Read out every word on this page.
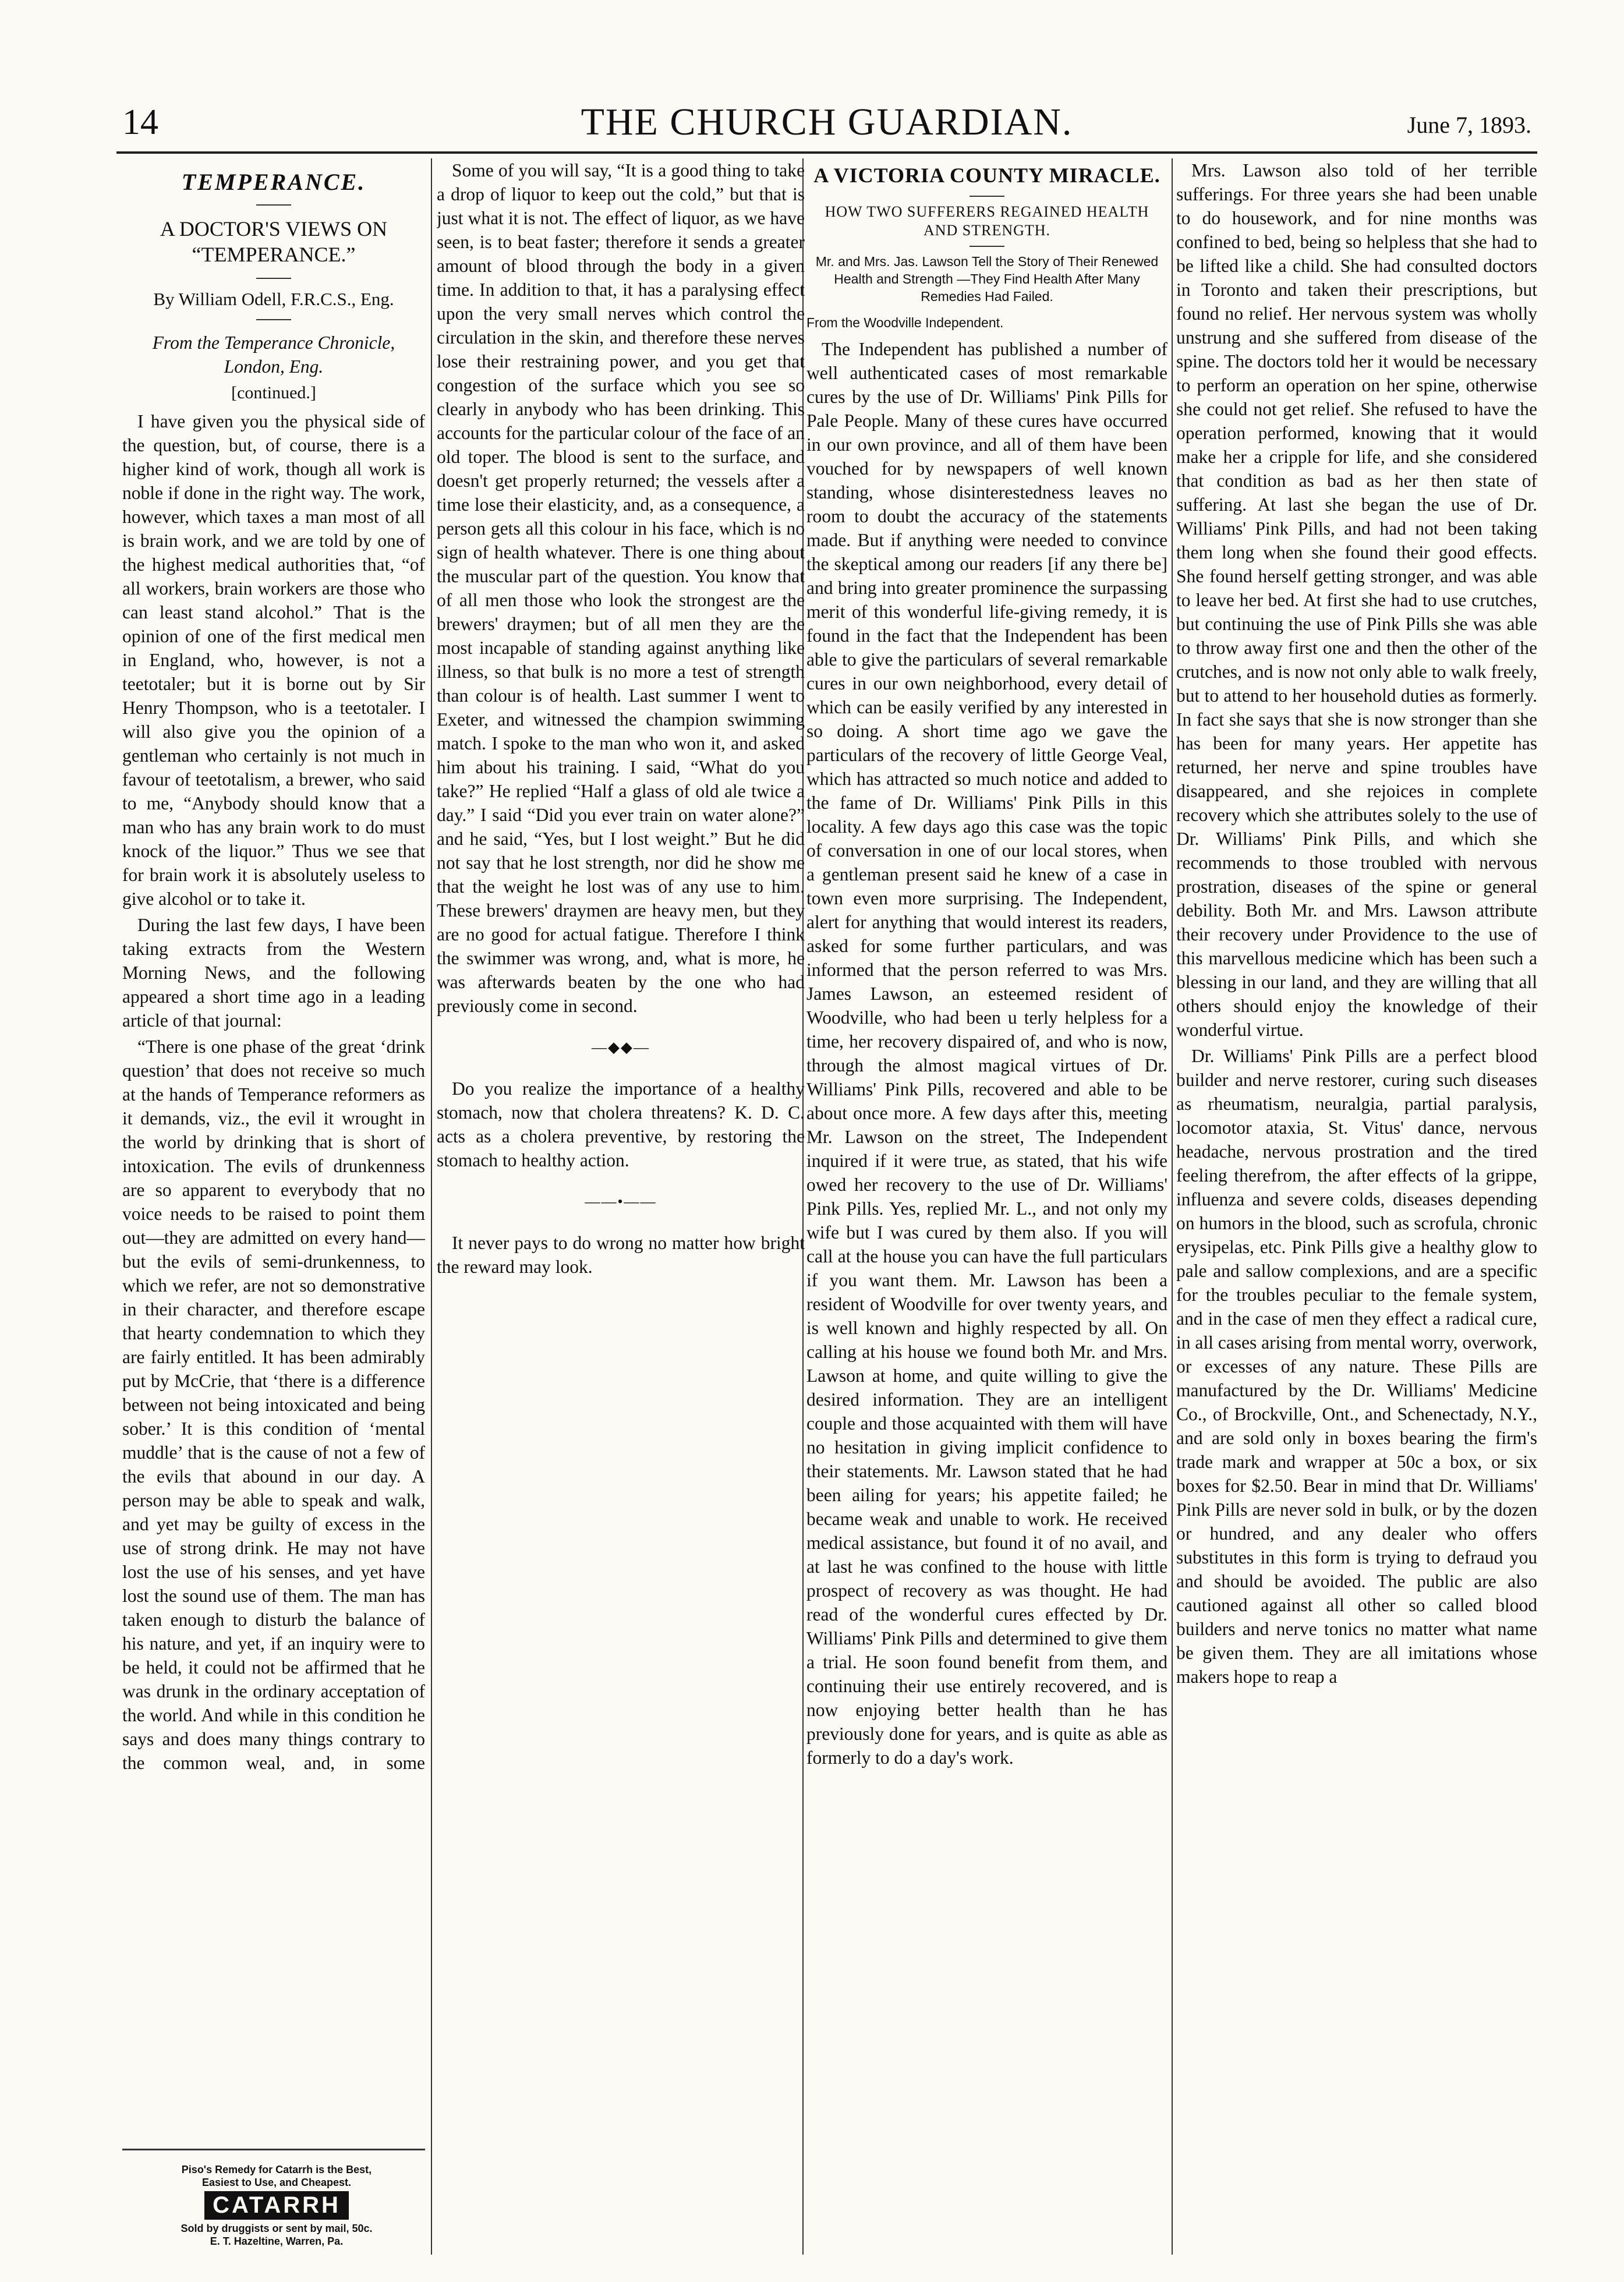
14	THE CHURCH GUARDIAN.	June 7, 1893.
TEMPERANCE.
A DOCTOR'S VIEWS ON “TEMPERANCE.”
By William Odell, F.R.C.S., Eng.
From the Temperance Chronicle, London, Eng.
[continued.]

I have given you the physical side of the question, but, of course, there is a higher kind of work, though all work is noble if done in the right way. The work, however, which taxes a man most of all is brain work, and we are told by one of the highest medical authorities that, “of all workers, brain workers are those who can least stand alcohol.” That is the opinion of one of the first medical men in England, who, however, is not a teetotaler; but it is borne out by Sir Henry Thompson, who is a teetotaler. I will also give you the opinion of a gentleman who certainly is not much in favour of teetotalism, a brewer, who said to me, “Anybody should know that a man who has any brain work to do must knock of the liquor.” Thus we see that for brain work it is absolutely useless to give alcohol or to take it.

During the last few days, I have been taking extracts from the Western Morning News, and the following appeared a short time ago in a leading article of that journal:

“There is one phase of the great ‘drink question’ that does not receive so much at the hands of Temperance reformers as it demands, viz., the evil it wrought in the world by drinking that is short of intoxication. The evils of drunkenness are so apparent to everybody that no voice needs to be raised to point them out—they are admitted on every hand—but the evils of semi-drunkenness, to which we refer, are not so demonstrative in their character, and therefore escape that hearty condemnation to which they are fairly entitled. It has been admirably put by McCrie, that ‘there is a difference between not being intoxicated and being sober.’ It is this condition of ‘mental muddle’ that is the cause of not a few of the evils that abound in our day. A person may be able to speak and walk, and yet may be guilty of excess in the use of strong drink. He may not have lost the use of his senses, and yet have lost the sound use of them. The man has taken enough to disturb the balance of his nature, and yet, if an inquiry were to be held, it could not be affirmed that he was drunk in the ordinary acceptation of the world. And while in this condition he says and does many things contrary to the common weal, and, in some

Piso's Remedy for Catarrh is the Best, Easiest to Use, and Cheapest.
CATARRH
Sold by druggists or sent by mail, 50c. E. T. Hazeltine, Warren, Pa.

Some of you will say, “It is a good thing to take a drop of liquor to keep out the cold,” but that is just what it is not. The effect of liquor, as we have seen, is to beat faster; therefore it sends a greater amount of blood through the body in a given time. In addition to that, it has a paralysing effect upon the very small nerves which control the circulation in the skin, and therefore these nerves lose their restraining power, and you get that congestion of the surface which you see so clearly in anybody who has been drinking. This accounts for the particular colour of the face of an old toper. The blood is sent to the surface, and doesn't get properly returned; the vessels after a time lose their elasticity, and, as a consequence, a person gets all this colour in his face, which is no sign of health whatever. There is one thing about the muscular part of the question. You know that of all men those who look the strongest are the brewers' draymen; but of all men they are the most incapable of standing against anything like illness, so that bulk is no more a test of strength than colour is of health. Last summer I went to Exeter, and witnessed the champion swimming match. I spoke to the man who won it, and asked him about his training. I said, “What do you take?” He replied “Half a glass of old ale twice a day.” I said “Did you ever train on water alone?” and he said, “Yes, but I lost weight.” But he did not say that he lost strength, nor did he show me that the weight he lost was of any use to him. These brewers' draymen are heavy men, but they are no good for actual fatigue. Therefore I think the swimmer was wrong, and, what is more, he was afterwards beaten by the one who had previously come in second.

—◆◆—

Do you realize the importance of a healthy stomach, now that cholera threatens? K. D. C. acts as a cholera preventive, by restoring the stomach to healthy action.

——•——

It never pays to do wrong no matter how bright the reward may look.

A VICTORIA COUNTY MIRACLE.
HOW TWO SUFFERERS REGAINED HEALTH AND STRENGTH.
Mr. and Mrs. Jas. Lawson Tell the Story of Their Renewed Health and Strength —They Find Health After Many Remedies Had Failed.

From the Woodville Independent.

The Independent has published a number of well authenticated cases of most remarkable cures by the use of Dr. Williams' Pink Pills for Pale People. Many of these cures have occurred in our own province, and all of them have been vouched for by newspapers of well known standing, whose disinterestedness leaves no room to doubt the accuracy of the statements made. But if anything were needed to convince the skeptical among our readers [if any there be] and bring into greater prominence the surpassing merit of this wonderful life-giving remedy, it is found in the fact that the Independent has been able to give the particulars of several remarkable cures in our own neighborhood, every detail of which can be easily verified by any interested in so doing. A short time ago we gave the particulars of the recovery of little George Veal, which has attracted so much notice and added to the fame of Dr. Williams' Pink Pills in this locality. A few days ago this case was the topic of conversation in one of our local stores, when a gentleman present said he knew of a case in town even more surprising. The Independent, alert for anything that would interest its readers, asked for some further particulars, and was informed that the person referred to was Mrs. James Lawson, an esteemed resident of Woodville, who had been u terly helpless for a time, her recovery dispaired of, and who is now, through the almost magical virtues of Dr. Williams' Pink Pills, recovered and able to be about once more. A few days after this, meeting Mr. Lawson on the street, The Independent inquired if it were true, as stated, that his wife owed her recovery to the use of Dr. Williams' Pink Pills. Yes, replied Mr. L., and not only my wife but I was cured by them also. If you will call at the house you can have the full particulars if you want them. Mr. Lawson has been a resident of Woodville for over twenty years, and is well known and highly respected by all. On calling at his house we found both Mr. and Mrs. Lawson at home, and quite willing to give the desired information. They are an intelligent couple and those acquainted with them will have no hesitation in giving implicit confidence to their statements. Mr. Lawson stated that he had been ailing for years; his appetite failed; he became weak and unable to work. He received medical assistance, but found it of no avail, and at last he was confined to the house with little prospect of recovery as was thought. He had read of the wonderful cures effected by Dr. Williams' Pink Pills and determined to give them a trial. He soon found benefit from them, and continuing their use entirely recovered, and is now enjoying better health than he has previously done for years, and is quite as able as formerly to do a day's work.

Mrs. Lawson also told of her terrible sufferings. For three years she had been unable to do housework, and for nine months was confined to bed, being so helpless that she had to be lifted like a child. She had consulted doctors in Toronto and taken their prescriptions, but found no relief. Her nervous system was wholly unstrung and she suffered from disease of the spine. The doctors told her it would be necessary to perform an operation on her spine, otherwise she could not get relief. She refused to have the operation performed, knowing that it would make her a cripple for life, and she considered that condition as bad as her then state of suffering. At last she began the use of Dr. Williams' Pink Pills, and had not been taking them long when she found their good effects. She found herself getting stronger, and was able to leave her bed. At first she had to use crutches, but continuing the use of Pink Pills she was able to throw away first one and then the other of the crutches, and is now not only able to walk freely, but to attend to her household duties as formerly. In fact she says that she is now stronger than she has been for many years. Her appetite has returned, her nerve and spine troubles have disappeared, and she rejoices in complete recovery which she attributes solely to the use of Dr. Williams' Pink Pills, and which she recommends to those troubled with nervous prostration, diseases of the spine or general debility. Both Mr. and Mrs. Lawson attribute their recovery under Providence to the use of this marvellous medicine which has been such a blessing in our land, and they are willing that all others should enjoy the knowledge of their wonderful virtue.

Dr. Williams' Pink Pills are a perfect blood builder and nerve restorer, curing such diseases as rheumatism, neuralgia, partial paralysis, locomotor ataxia, St. Vitus' dance, nervous headache, nervous prostration and the tired feeling therefrom, the after effects of la grippe, influenza and severe colds, diseases depending on humors in the blood, such as scrofula, chronic erysipelas, etc. Pink Pills give a healthy glow to pale and sallow complexions, and are a specific for the troubles peculiar to the female system, and in the case of men they effect a radical cure, in all cases arising from mental worry, overwork, or excesses of any nature. These Pills are manufactured by the Dr. Williams' Medicine Co., of Brockville, Ont., and Schenectady, N.Y., and are sold only in boxes bearing the firm's trade mark and wrapper at 50c a box, or six boxes for $2.50. Bear in mind that Dr. Williams' Pink Pills are never sold in bulk, or by the dozen or hundred, and any dealer who offers substitutes in this form is trying to defraud you and should be avoided. The public are also cautioned against all other so called blood builders and nerve tonics no matter what name be given them. They are all imitations whose makers hope to reap a
